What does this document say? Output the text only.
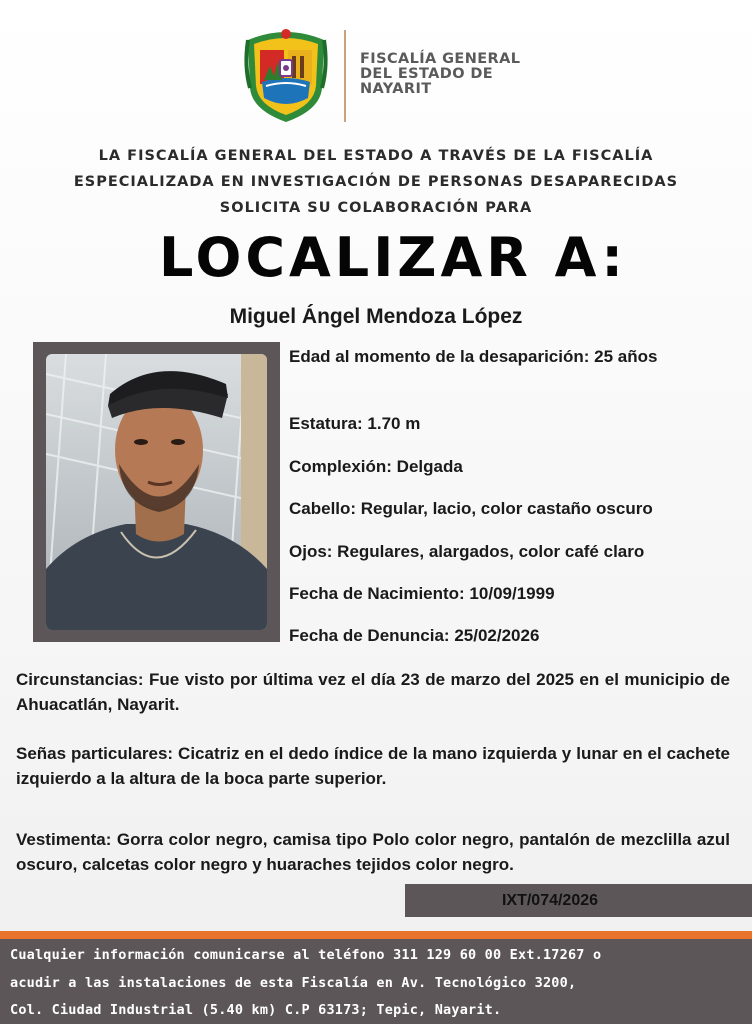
FISCALÍA GENERAL
DEL ESTADO DE
NAYARIT
LA FISCALÍA GENERAL DEL ESTADO A TRAVÉS DE LA FISCALÍA
ESPECIALIZADA EN INVESTIGACIÓN DE PERSONAS DESAPARECIDAS
SOLICITA SU COLABORACIÓN PARA
LOCALIZAR A:
Miguel Ángel Mendoza López
Edad al momento de la desaparición: 25 años
Estatura: 1.70 m
Complexión: Delgada
Cabello: Regular, lacio, color castaño oscuro
Ojos: Regulares, alargados, color café claro
Fecha de Nacimiento: 10/09/1999
Fecha de Denuncia: 25/02/2026
Circunstancias: Fue visto por última vez el día 23 de marzo del 2025 en el municipio de Ahuacatlán, Nayarit.
Señas particulares: Cicatriz en el dedo índice de la mano izquierda y lunar en el cachete izquierdo a la altura de la boca parte superior.
Vestimenta: Gorra color negro, camisa tipo Polo color negro, pantalón de mezclilla azul oscuro, calcetas color negro y huaraches tejidos color negro.
IXT/074/2026
Cualquier información comunicarse al teléfono 311 129 60 00 Ext.17267 o
acudir a las instalaciones de esta Fiscalía en Av. Tecnológico 3200,
Col. Ciudad Industrial (5.40 km) C.P 63173; Tepic, Nayarit.
